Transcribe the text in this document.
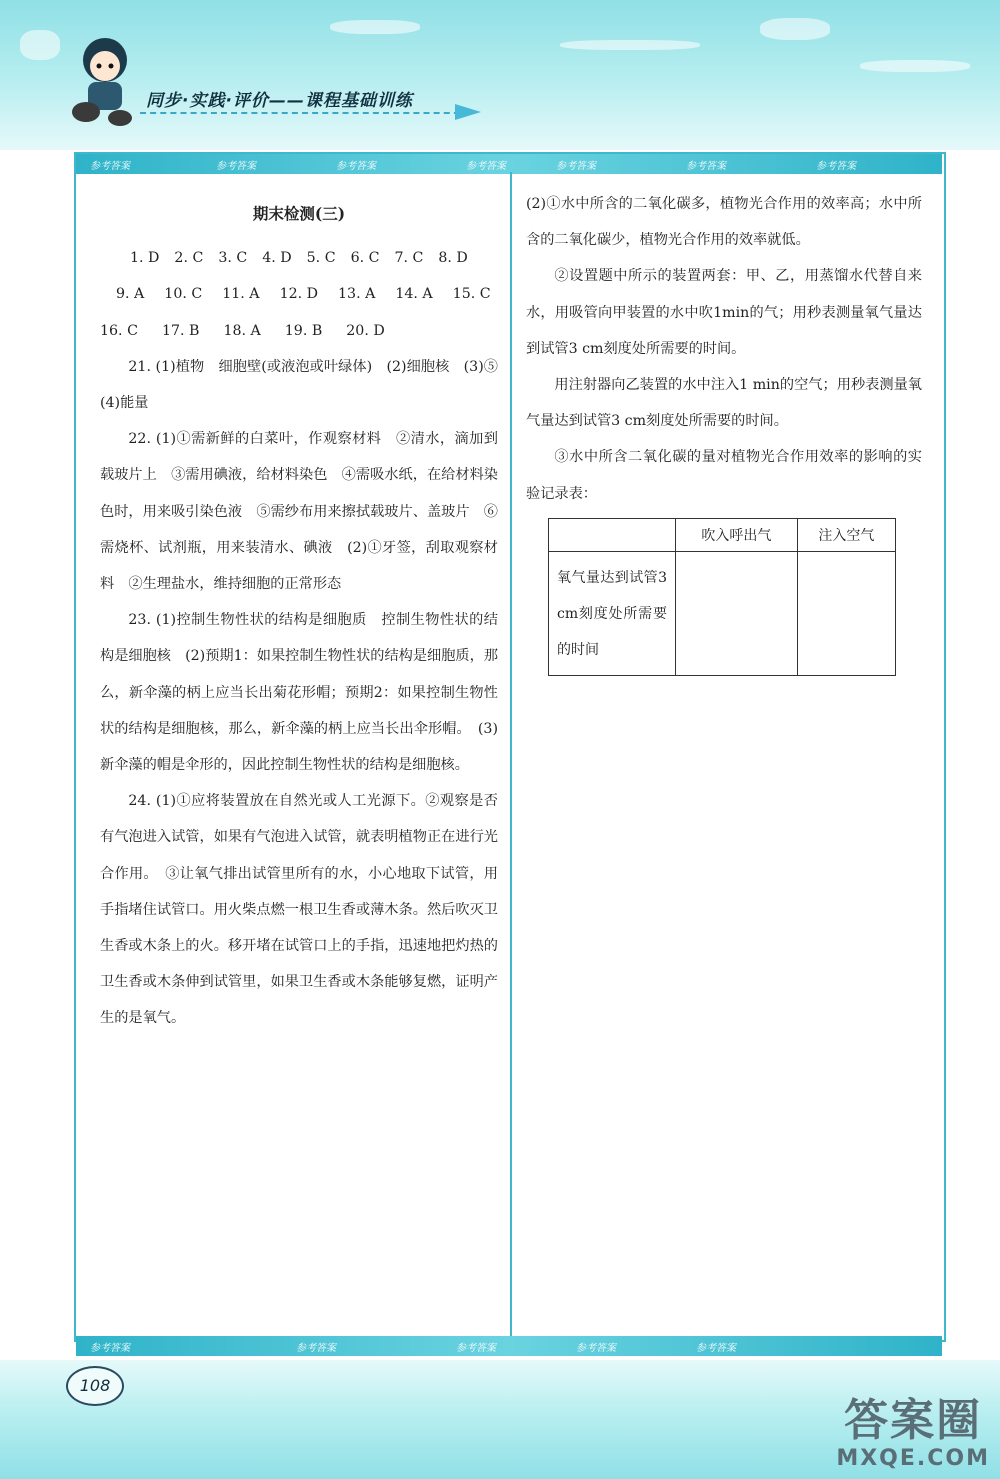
同步·实践·评价——课程基础训练
参考答案	参考答案	参考答案	参考答案	参考答案	参考答案	参考答案
参考答案	参考答案	参考答案	参考答案	参考答案

期末检测(三)

1. D 2. C 3. C 4. D 5. C 6. C 7. C 8. D
9. A 10. C 11. A 12. D 13. A 14. A 15. C
16. C 17. B 18. A 19. B 20. D

21. (1)植物　细胞壁(或液泡或叶绿体)　(2)细胞核　(3)⑤　(4)能量

22. (1)①需新鲜的白菜叶，作观察材料　②清水，滴加到载玻片上　③需用碘液，给材料染色　④需吸水纸，在给材料染色时，用来吸引染色液　⑤需纱布用来擦拭载玻片、盖玻片　⑥需烧杯、试剂瓶，用来装清水、碘液　(2)①牙签，刮取观察材料　②生理盐水，维持细胞的正常形态

23. (1)控制生物性状的结构是细胞质　控制生物性状的结构是细胞核　(2)预期1：如果控制生物性状的结构是细胞质，那么，新伞藻的柄上应当长出菊花形帽；预期2：如果控制生物性状的结构是细胞核，那么，新伞藻的柄上应当长出伞形帽。　(3)新伞藻的帽是伞形的，因此控制生物性状的结构是细胞核。

24. (1)①应将装置放在自然光或人工光源下。②观察是否有气泡进入试管，如果有气泡进入试管，就表明植物正在进行光合作用。　③让氧气排出试管里所有的水，小心地取下试管，用手指堵住试管口。用火柴点燃一根卫生香或薄木条。然后吹灭卫生香或木条上的火。移开堵在试管口上的手指，迅速地把灼热的卫生香或木条伸到试管里，如果卫生香或木条能够复燃，证明产生的是氧气。

(2)①水中所含的二氧化碳多，植物光合作用的效率高；水中所含的二氧化碳少，植物光合作用的效率就低。

②设置题中所示的装置两套：甲、乙，用蒸馏水代替自来水，用吸管向甲装置的水中吹1min的气；用秒表测量氧气量达到试管3 cm刻度处所需要的时间。

用注射器向乙装置的水中注入1 min的空气；用秒表测量氧气量达到试管3 cm刻度处所需要的时间。

③水中所含二氧化碳的量对植物光合作用效率的影响的实验记录表：

	吹入呼出气	注入空气
氧气量达到试管3 cm刻度处所需要的时间		
108
答案圈
MXQE.COM
